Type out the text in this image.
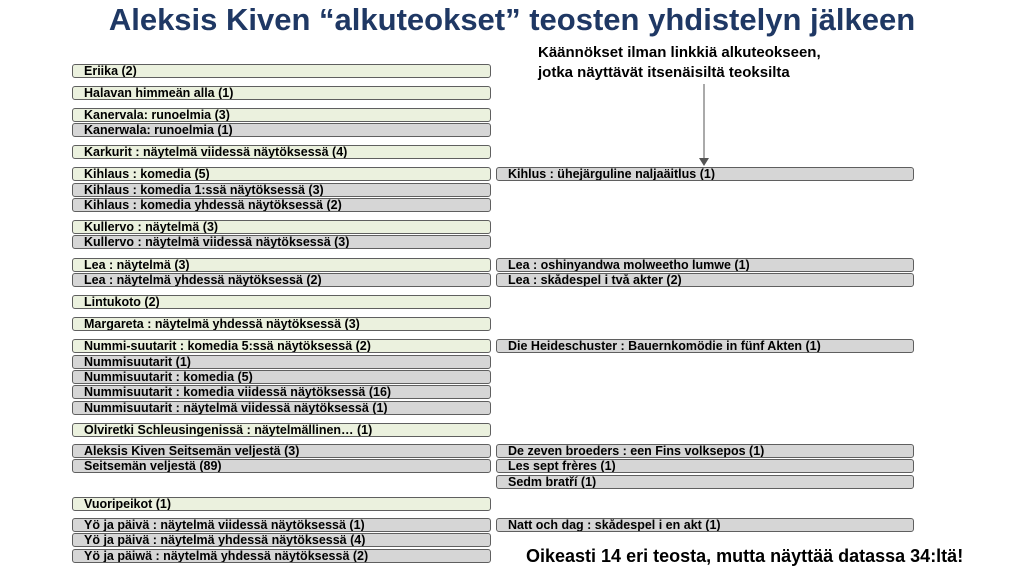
Aleksis Kiven “alkuteokset” teosten yhdistelyn jälkeen
Käännökset ilman linkkiä alkuteokseen,
jotka näyttävät itsenäisiltä teoksilta
Eriika (2)
Halavan himmeän alla (1)
Kanervala: runoelmia (3)
Kanerwala: runoelmia (1)
Karkurit : näytelmä viidessä näytöksessä (4)
Kihlaus : komedia (5)
Kihlaus : komedia 1:ssä näytöksessä (3)
Kihlaus : komedia yhdessä näytöksessä (2)
Kullervo : näytelmä (3)
Kullervo : näytelmä viidessä näytöksessä (3)
Lea : näytelmä (3)
Lea : näytelmä yhdessä näytöksessä (2)
Lintukoto (2)
Margareta : näytelmä yhdessä näytöksessä (3)
Nummi-suutarit : komedia 5:ssä näytöksessä (2)
Nummisuutarit (1)
Nummisuutarit : komedia (5)
Nummisuutarit : komedia viidessä näytöksessä (16)
Nummisuutarit : näytelmä viidessä näytöksessä (1)
Olviretki Schleusingenissä : näytelmällinen… (1)
Aleksis Kiven Seitsemän veljestä (3)
Seitsemän veljestä (89)
Vuoripeikot (1)
Yö ja päivä : näytelmä viidessä näytöksessä (1)
Yö ja päivä : näytelmä yhdessä näytöksessä (4)
Yö ja päiwä : näytelmä yhdessä näytöksessä (2)
Kihlus : ühejärguline naljaäitlus (1)
Lea : oshinyandwa molweetho lumwe (1)
Lea : skådespel i två akter (2)
Die Heideschuster : Bauernkomödie in fünf Akten (1)
De zeven broeders : een Fins volksepos (1)
Les sept frères (1)
Sedm bratří (1)
Natt och dag : skådespel i en akt (1)
Oikeasti 14 eri teosta, mutta näyttää datassa 34:ltä!
